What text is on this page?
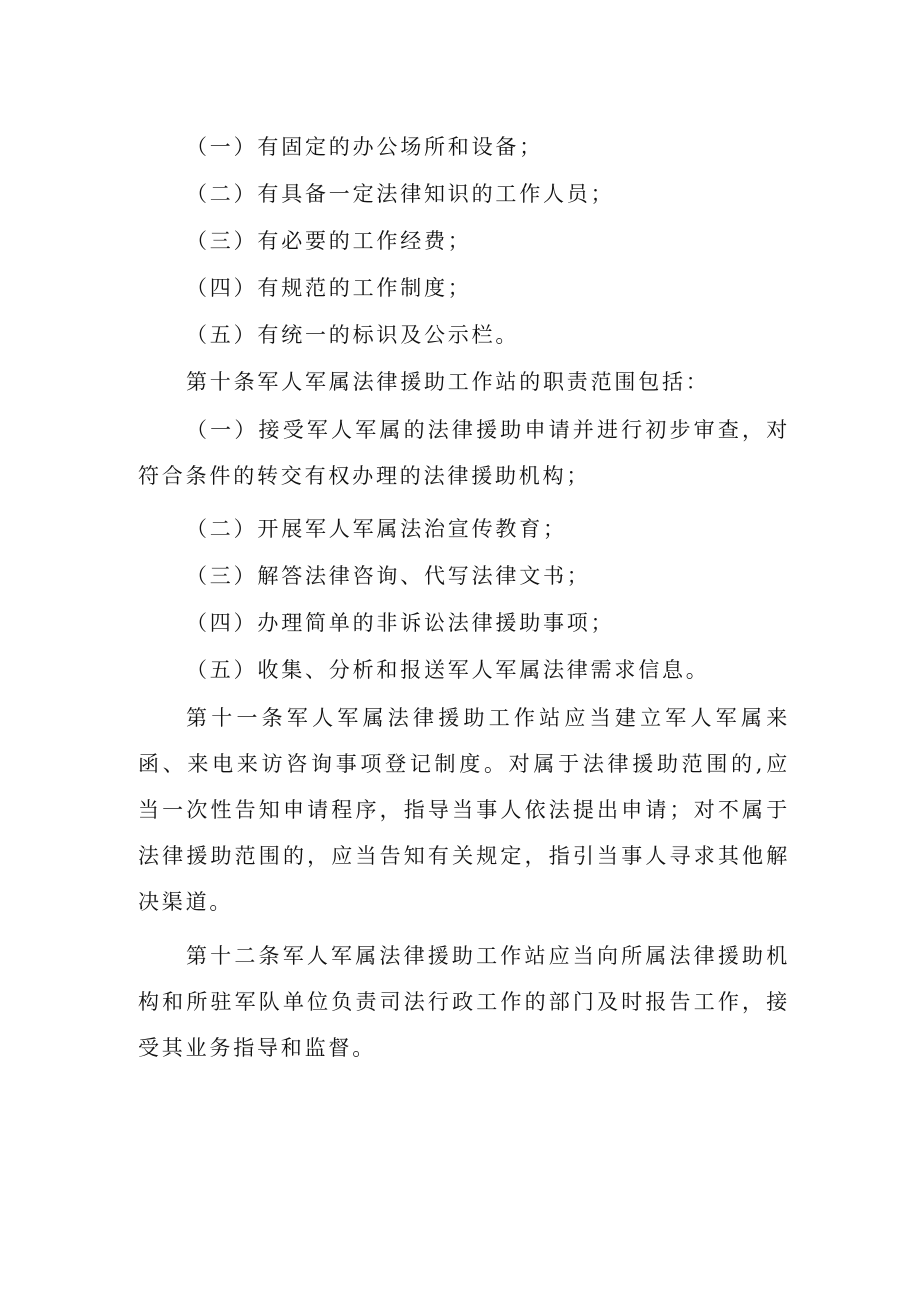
（一）有固定的办公场所和设备；

（二）有具备一定法律知识的工作人员；

（三）有必要的工作经费；

（四）有规范的工作制度；

（五）有统一的标识及公示栏。

第十条军人军属法律援助工作站的职责范围包括：

（一）接受军人军属的法律援助申请并进行初步审查，对符合条件的转交有权办理的法律援助机构；

（二）开展军人军属法治宣传教育；

（三）解答法律咨询、代写法律文书；

（四）办理简单的非诉讼法律援助事项；

（五）收集、分析和报送军人军属法律需求信息。

第十一条军人军属法律援助工作站应当建立军人军属来函、来电来访咨询事项登记制度。对属于法律援助范围的,应当一次性告知申请程序，指导当事人依法提出申请；对不属于法律援助范围的，应当告知有关规定，指引当事人寻求其他解决渠道。

第十二条军人军属法律援助工作站应当向所属法律援助机构和所驻军队单位负责司法行政工作的部门及时报告工作，接受其业务指导和监督。
